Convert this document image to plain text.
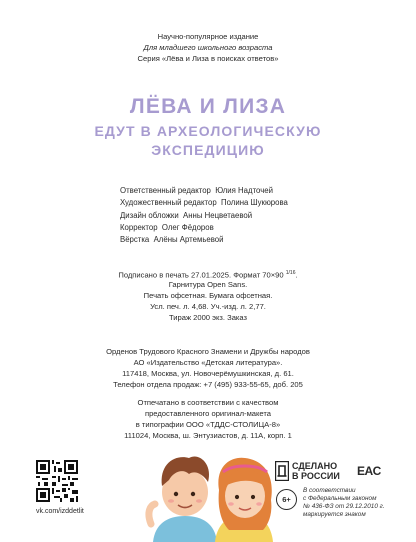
Научно-популярное издание
Для младшего школьного возраста
Серия «Лёва и Лиза в поисках ответов»
ЛЁВА И ЛИЗА
ЕДУТ В АРХЕОЛОГИЧЕСКУЮ
ЭКСПЕДИЦИЮ
Ответственный редактор Юлия Надточей
Художественный редактор Полина Шукюрова
Дизайн обложки Анны Нецветаевой
Корректор Олег Фёдоров
Вёрстка Алёны Артемьевой
Подписано в печать 27.01.2025. Формат 70×90 $^{1/16}$.
Гарнитура Open Sans.
Печать офсетная. Бумага офсетная.
Усл. печ. л. 4,68. Уч.-изд. л. 2,77.
Тираж 2000 экз. Заказ
Орденов Трудового Красного Знамени и Дружбы народов
АО «Издательство «Детская литература».
117418, Москва, ул. Новочерёмушкинская, д. 61.
Телефон отдела продаж: +7 (495) 933-55-65, доб. 205
Отпечатано в соответствии с качеством
предоставленного оригинал-макета
в типографии ООО «ТДДС-СТОЛИЦА-8»
111024, Москва, ш. Энтузиастов, д. 11А, корп. 1
vk.com/izddetlit
СДЕЛАНО
В РОССИИ EAC
6+
В соответствии
с Федеральным законом
№ 436-ФЗ от 29.12.2010 г.
маркируется знаком
